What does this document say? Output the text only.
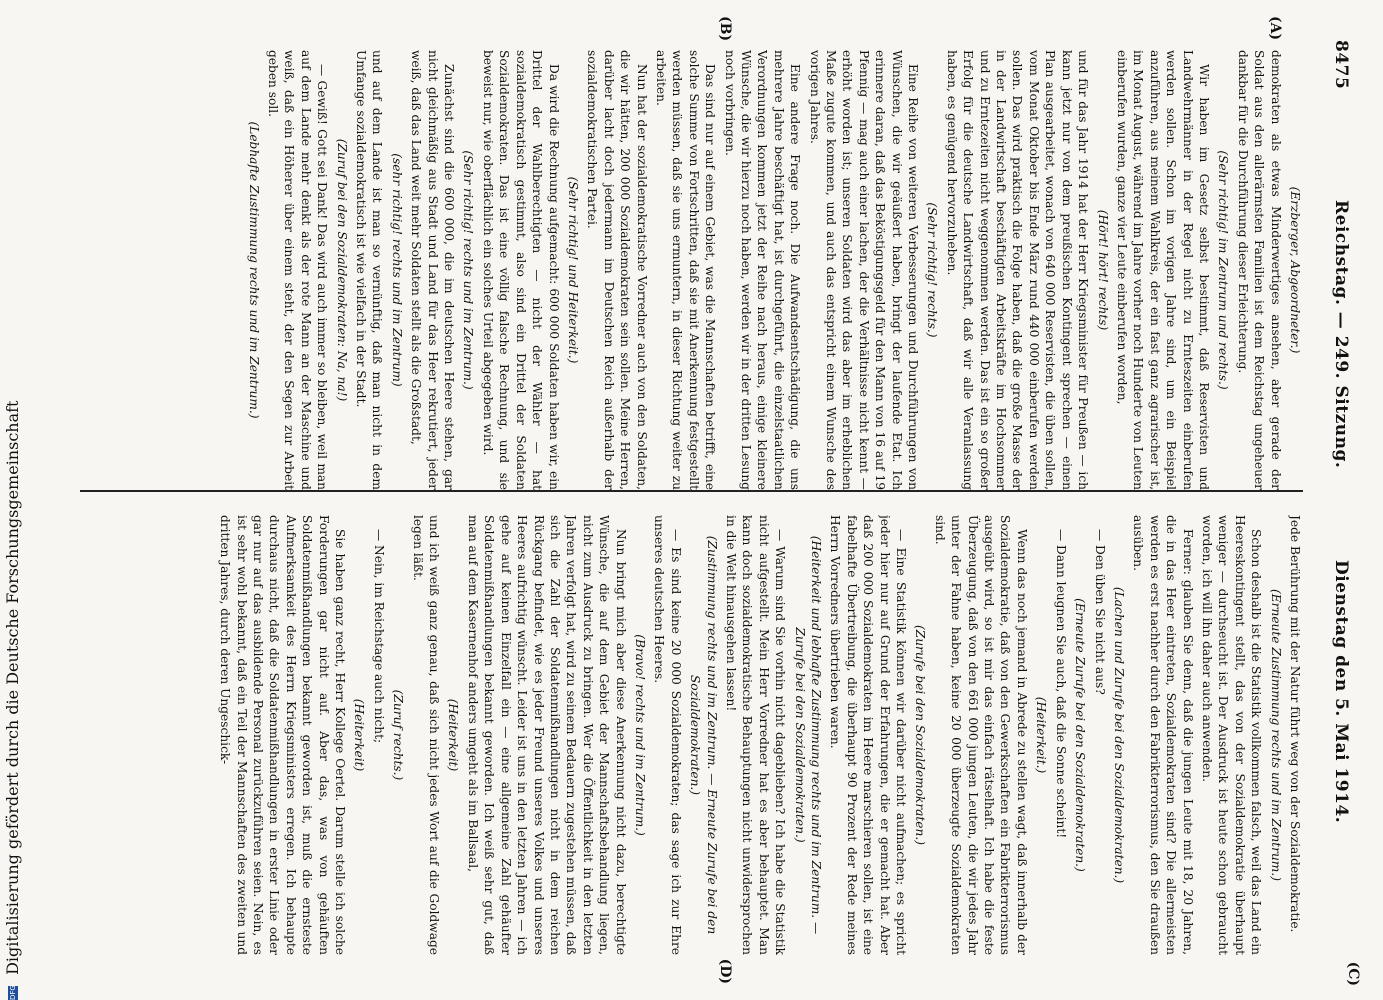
8475
Reichstag. — 249. Sitzung.
Dienstag den 5. Mai 1914.
(C)
(A)
(B)
(D)

(Erzberger, Abgeordneter.)

demokraten als etwas Minderwertiges ansehen, aber gerade der Soldat aus den allerärmsten Familien ist dem Reichstag ungeheuer dankbar für die Durchführung dieser Erleichterung.

(Sehr richtig! im Zentrum und rechts.)

Wir haben im Gesetz selbst bestimmt, daß Reservisten und Landwehrmänner in der Regel nicht zu Ernteszeiten einberufen werden sollen. Schon im vorigen Jahre sind, um ein Beispiel anzuführen, aus meinem Wahlkreis, der ein fast ganz agrarischer ist, im Monat August, während im Jahre vorher noch Hunderte von Leuten einberufen wurden, ganze vier Leute einberufen worden,

(Hört! hört! rechts)

und für das Jahr 1914 hat der Herr Kriegsminister für Preußen — ich kann jetzt nur von dem preußischen Kontingent sprechen — einen Plan ausgearbeitet, wonach von 640 000 Reservisten, die üben sollen, vom Monat Oktober bis Ende März rund 440 000 einberufen werden sollen. Das wird praktisch die Folge haben, daß die große Masse der in der Landwirtschaft beschäftigten Arbeitskräfte im Hochsommer und zu Erntezeiten nicht weggenommen werden. Das ist ein so großer Erfolg für die deutsche Landwirtschaft, daß wir alle Veranlassung haben, es genügend hervorzuheben.

(Sehr richtig! rechts.)

Eine Reihe von weiteren Verbesserungen und Durchführungen von Wünschen, die wir geäußert haben, bringt der laufende Etat. Ich erinnere daran, daß das Beköstigungsgeld für den Mann von 16 auf 19 Pfennig — mag auch einer lachen, der die Verhältnisse nicht kennt — erhöht worden ist; unseren Soldaten wird das aber im erheblichen Maße zugute kommen, und auch das entspricht einem Wunsche des vorigen Jahres.

Eine andere Frage noch. Die Aufwandsentschädigung, die uns mehrere Jahre beschäftigt hat, ist durchgeführt, die einzelstaatlichen Verordnungen kommen jetzt der Reihe nach heraus, einige kleinere Wünsche, die wir hierzu noch haben, werden wir in der dritten Lesung noch vorbringen.

Das sind nur auf einem Gebiet, was die Mannschaften betrifft, eine solche Summe von Fortschritten, daß sie mit Anerkennung festgestellt werden müssen, daß sie uns ermuntern, in dieser Richtung weiter zu arbeiten.

Nun hat der sozialdemokratische Vorredner auch von den Soldaten, die wir hätten, 200 000 Sozialdemokraten sein sollen. Meine Herren, darüber lacht doch jedermann im Deutschen Reich außerhalb der sozialdemokratischen Partei.

(Sehr richtig! und Heiterkeit.)

Da wird die Rechnung aufgemacht: 600 000 Soldaten haben wir, ein Drittel der Wahlberechtigten — nicht der Wähler — hat sozialdemokratisch gestimmt, also sind ein Drittel der Soldaten Sozialdemokraten. Das ist eine völlig falsche Rechnung, und sie beweist nur, wie oberflächlich ein solches Urteil abgegeben wird.

(Sehr richtig! rechts und im Zentrum.)

Zunächst sind die 600 000, die im deutschen Heere stehen, gar nicht gleichmäßig aus Stadt und Land für das Heer rekrutiert, jeder weiß, daß das Land weit mehr Soldaten stellt als die Großstadt,

(sehr richtig! rechts und im Zentrum)

und auf dem Lande ist man so vernünftig, daß man nicht in dem Umfange sozialdemokratisch ist wie vielfach in der Stadt.

(Zuruf bei den Sozialdemokraten: Na, na!)

— Gewiß! Gott sei Dank! Das wird auch immer so bleiben, weil man auf dem Lande mehr denkt als der rote Mann an der Maschine und weiß, daß ein Höherer über einem steht, der den Segen zur Arbeit geben soll.

(Lebhafte Zustimmung rechts und im Zentrum.)

Jede Berührung mit der Natur führt weg von der Sozialdemokratie.

(Erneute Zustimmung rechts und im Zentrum.)

Schon deshalb ist die Statistik vollkommen falsch, weil das Land ein Heereskontingent stellt, das von der Sozialdemokratie überhaupt weniger — durchseucht ist. Der Ausdruck ist heute schon gebraucht worden, ich will ihn daher auch anwenden.

Ferner: glauben Sie denn, daß die jungen Leute mit 18, 20 Jahren, die in das Heer eintreten, Sozialdemokraten sind? Die allermeisten werden es erst nachher durch den Fabrikterrorismus, den Sie draußen ausüben.

(Lachen und Zurufe bei den Sozialdemokraten.)

— Den üben Sie nicht aus?

(Erneute Zurufe bei den Sozialdemokraten.)

— Dann leugnen Sie auch, daß die Sonne scheint!

(Heiterkeit.)

Wenn das noch jemand in Abrede zu stellen wagt, daß innerhalb der Sozialdemokratie, daß von den Gewerkschaften ein Fabrikterrorismus ausgeübt wird, so ist mir das einfach rätselhaft. Ich habe die feste Überzeugung, daß von den 661 000 jungen Leuten, die wir jedes Jahr unter der Fahne haben, keine 20 000 überzeugte Sozialdemokraten sind.

(Zurufe bei den Sozialdemokraten.)

— Eine Statistik können wir darüber nicht aufmachen; es spricht jeder hier nur auf Grund der Erfahrungen, die er gemacht hat. Aber daß 200 000 Sozialdemokraten im Heere marschieren sollen, ist eine fabelhafte Übertreibung, die überhaupt 90 Prozent der Rede meines Herrn Vorredners übertrieben waren.

(Heiterkeit und lebhafte Zustimmung rechts und im Zentrum. — Zurufe bei den Sozialdemokraten.)

— Warum sind Sie vorhin nicht dageblieben? Ich habe die Statistik nicht aufgestellt. Mein Herr Vorredner hat es aber behauptet. Man kann doch sozialdemokratische Behauptungen nicht unwidersprochen in die Welt hinausgehen lassen!

(Zustimmung rechts und im Zentrum. — Erneute Zurufe bei den Sozialdemokraten.)

— Es sind keine 20 000 Sozialdemokraten; das sage ich zur Ehre unseres deutschen Heeres.

(Bravo! rechts und im Zentrum.)

Nun bringt mich aber diese Anerkennung nicht dazu, berechtigte Wünsche, die auf dem Gebiet der Mannschaftsbehandlung liegen, nicht zum Ausdruck zu bringen. Wer die Öffentlichkeit in den letzten Jahren verfolgt hat, wird zu seinem Bedauern zugestehen müssen, daß sich die Zahl der Soldatenmißhandlungen nicht in dem reichen Rückgang befindet, wie es jeder Freund unseres Volkes und unseres Heeres aufrichtig wünscht. Leider ist uns in den letzten Jahren — ich gehe auf keinen Einzelfall ein — eine allgemeine Zahl gehäufter Soldatenmißhandlungen bekannt geworden. Ich weiß sehr gut, daß man auf dem Kasernenhof anders umgeht als im Ballsaal,

(Heiterkeit)

und ich weiß ganz genau, daß sich nicht jedes Wort auf die Goldwage legen läßt.

(Zuruf rechts.)

— Nein, im Reichstage auch nicht;

(Heiterkeit)

Sie haben ganz recht, Herr Kollege Oertel. Darum stelle ich solche Forderungen gar nicht auf. Aber das, was von gehäuften Soldatenmißhandlungen bekannt geworden ist, muß die ernsteste Aufmerksamkeit des Herrn Kriegsministers erregen. Ich behaupte durchaus nicht, daß die Soldatenmißhandlungen in erster Linie oder gar nur auf das ausbildende Personal zurückzuführen seien. Nein, es ist sehr wohl bekannt, daß ein Teil der Mannschaften des zweiten und dritten Jahres, durch deren Ungeschick-

DFG Digitalisierung gefördert durch die Deutsche Forschungsgemeinschaft
